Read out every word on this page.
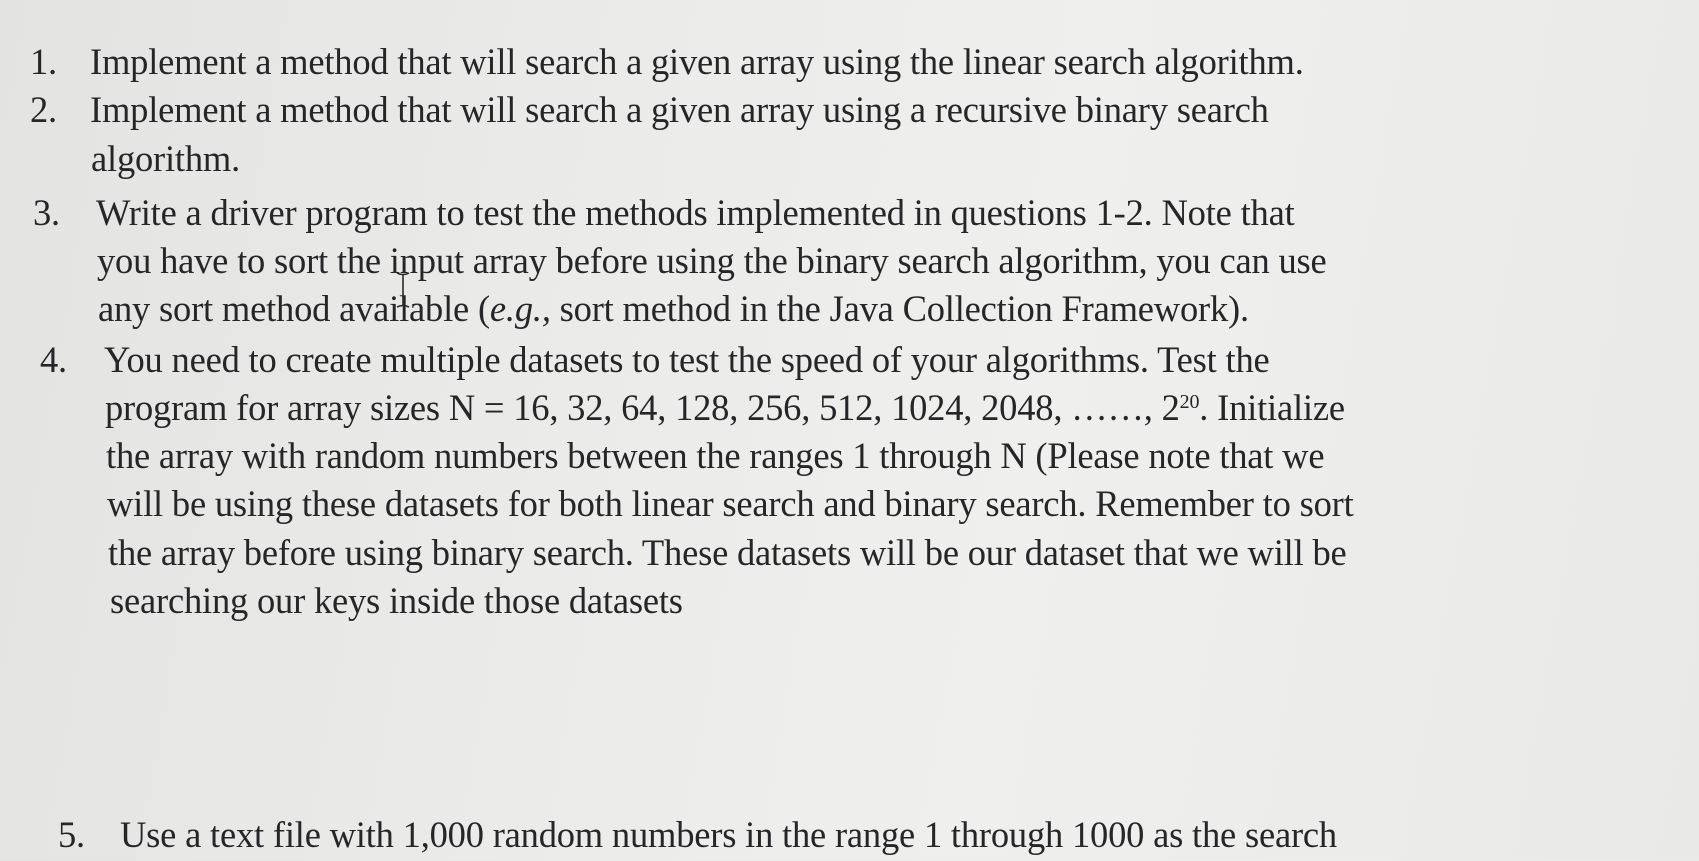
1. Implement a method that will search a given array using the linear search algorithm.
2. Implement a method that will search a given array using a recursive binary search
algorithm.
3. Write a driver program to test the methods implemented in questions 1-2. Note that
you have to sort the input array before using the binary search algorithm, you can use
any sort method available (e.g., sort method in the Java Collection Framework).
4. You need to create multiple datasets to test the speed of your algorithms. Test the
program for array sizes N = 16, 32, 64, 128, 256, 512, 1024, 2048, ……, $2^{20}$. Initialize
the array with random numbers between the ranges 1 through N (Please note that we
will be using these datasets for both linear search and binary search. Remember to sort
the array before using binary search. These datasets will be our dataset that we will be
searching our keys inside those datasets
5. Use a text file with 1,000 random numbers in the range 1 through 1000 as the search
